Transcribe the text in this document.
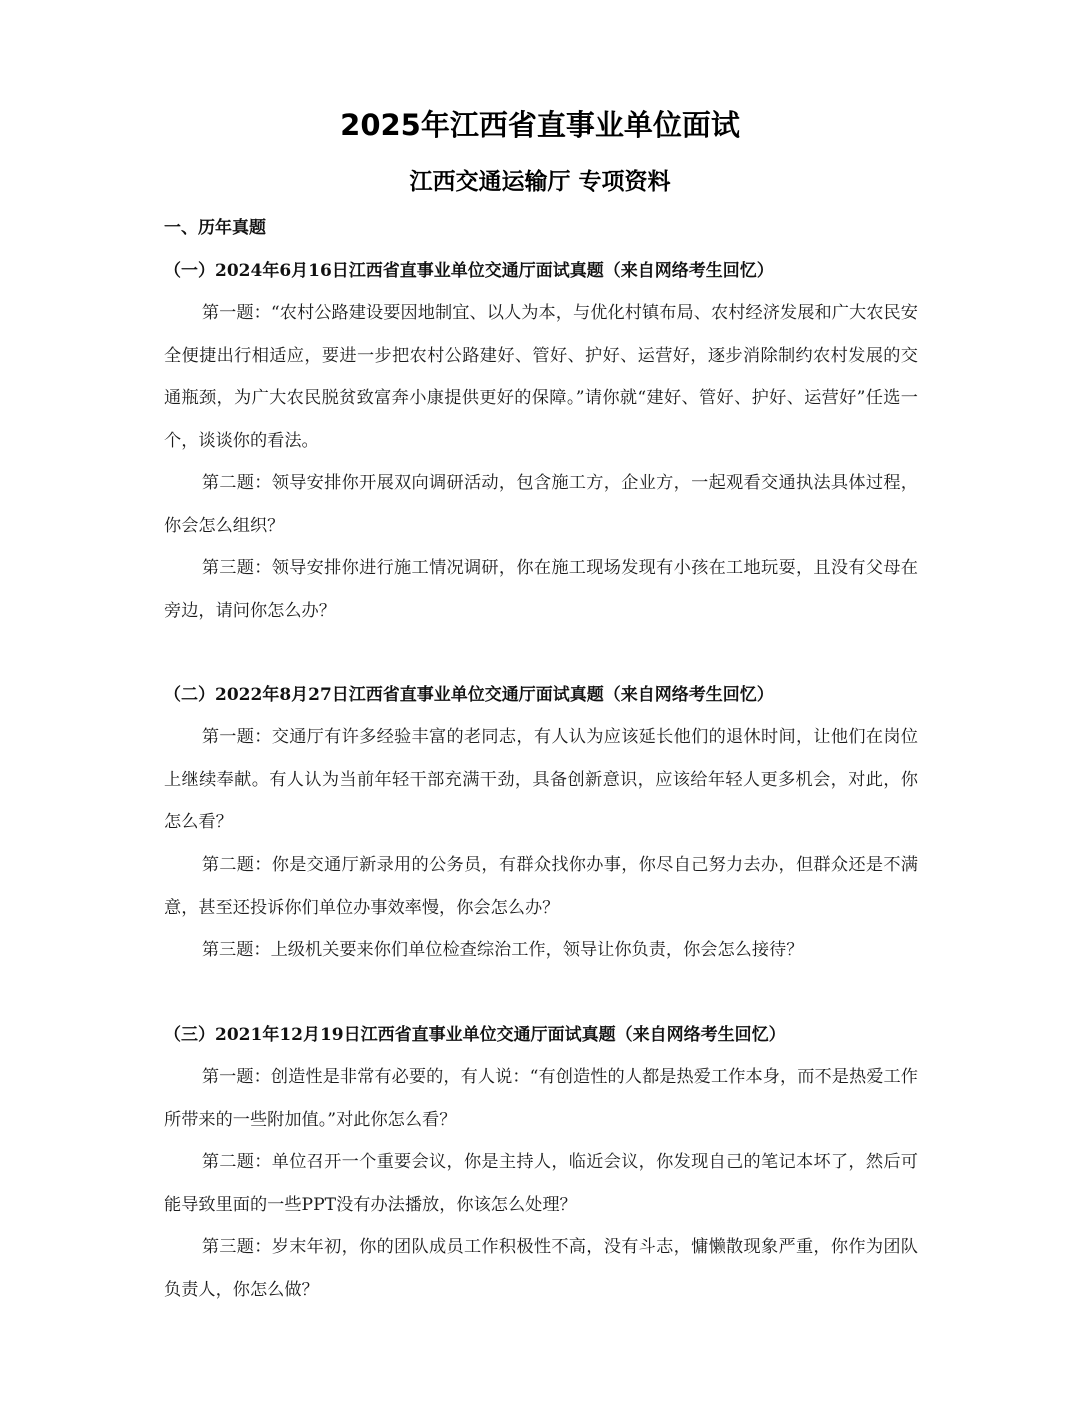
2025年江西省直事业单位面试
江西交通运输厅 专项资料
一、历年真题
（一）2024年6月16日江西省直事业单位交通厅面试真题（来自网络考生回忆）
第一题：“农村公路建设要因地制宜、以人为本，与优化村镇布局、农村经济发展和广大农民安全便捷出行相适应，要进一步把农村公路建好、管好、护好、运营好，逐步消除制约农村发展的交通瓶颈，为广大农民脱贫致富奔小康提供更好的保障。”请你就“建好、管好、护好、运营好”任选一个，谈谈你的看法。
第二题：领导安排你开展双向调研活动，包含施工方，企业方，一起观看交通执法具体过程，你会怎么组织？
第三题：领导安排你进行施工情况调研，你在施工现场发现有小孩在工地玩耍，且没有父母在旁边，请问你怎么办？
（二）2022年8月27日江西省直事业单位交通厅面试真题（来自网络考生回忆）
第一题：交通厅有许多经验丰富的老同志，有人认为应该延长他们的退休时间，让他们在岗位上继续奉献。有人认为当前年轻干部充满干劲，具备创新意识，应该给年轻人更多机会，对此，你怎么看？
第二题：你是交通厅新录用的公务员，有群众找你办事，你尽自己努力去办，但群众还是不满意，甚至还投诉你们单位办事效率慢，你会怎么办？
第三题：上级机关要来你们单位检查综治工作，领导让你负责，你会怎么接待？
（三）2021年12月19日江西省直事业单位交通厅面试真题（来自网络考生回忆）
第一题：创造性是非常有必要的，有人说：“有创造性的人都是热爱工作本身，而不是热爱工作所带来的一些附加值。”对此你怎么看？
第二题：单位召开一个重要会议，你是主持人，临近会议，你发现自己的笔记本坏了，然后可能导致里面的一些PPT没有办法播放，你该怎么处理？
第三题：岁末年初，你的团队成员工作积极性不高，没有斗志，慵懒散现象严重，你作为团队负责人，你怎么做？
